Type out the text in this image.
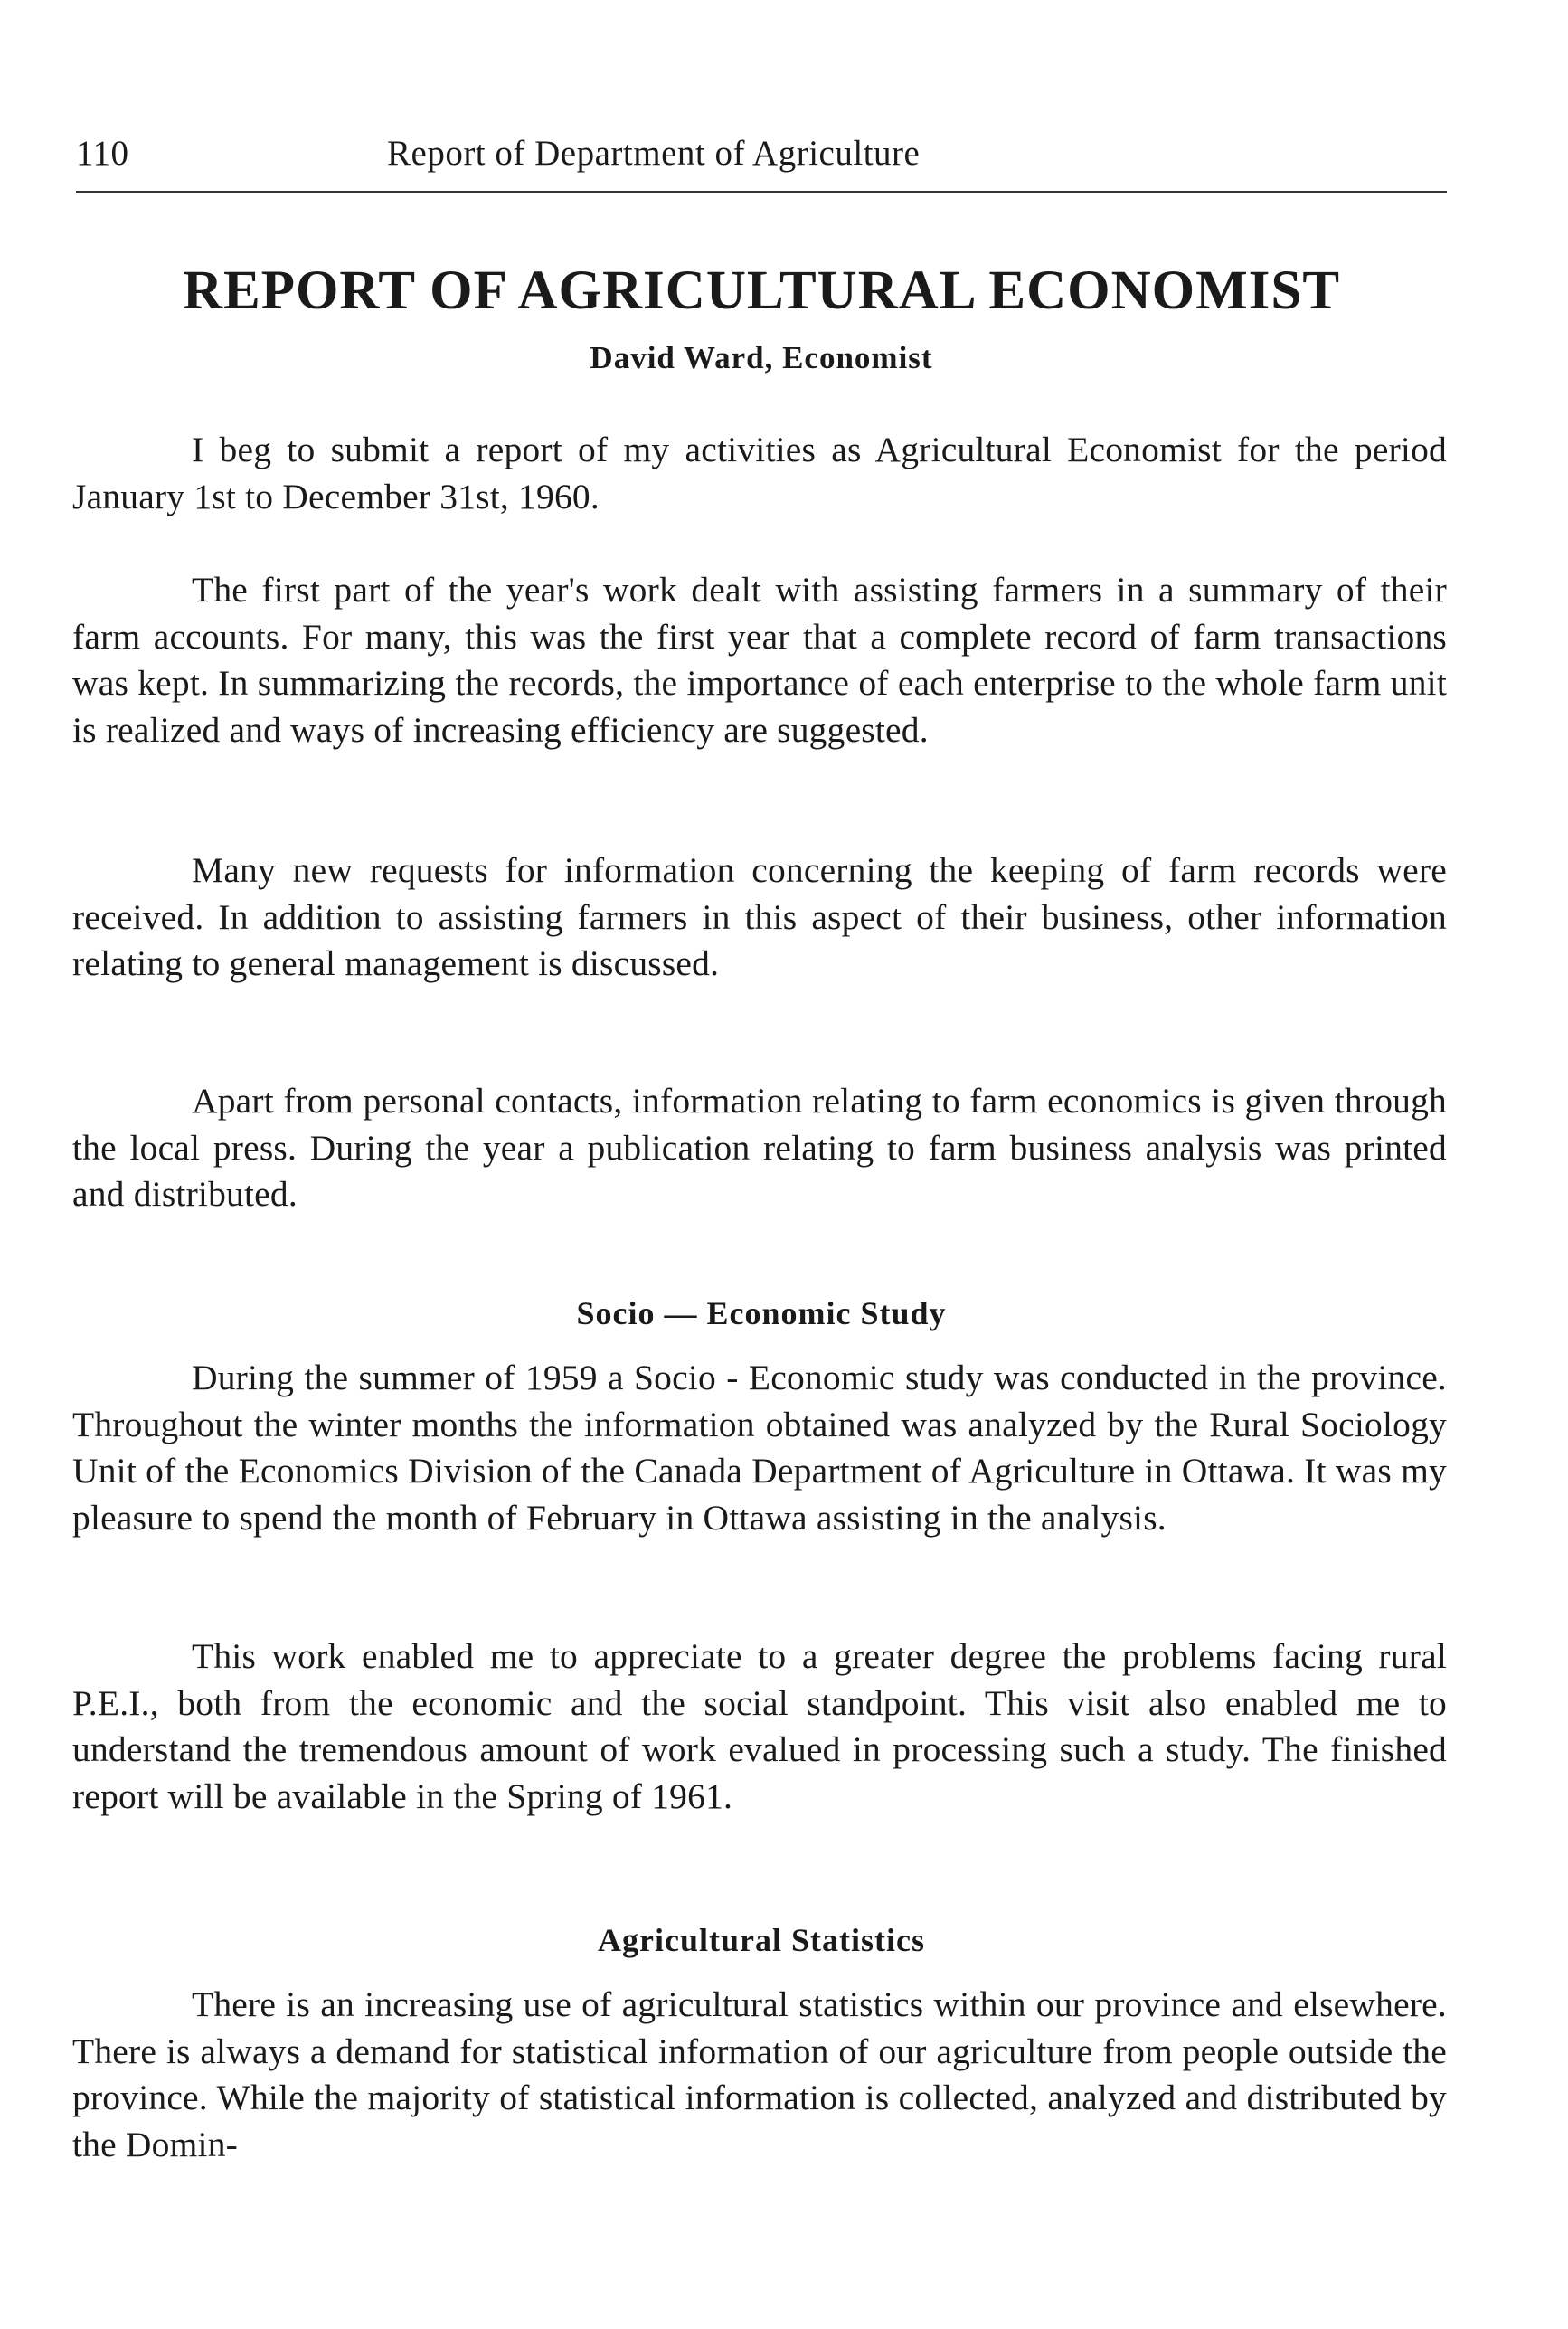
110	Report of Department of Agriculture
REPORT OF AGRICULTURAL ECONOMIST
David Ward, Economist

I beg to submit a report of my activities as Agricultural Economist for the period January 1st to December 31st, 1960.

The first part of the year's work dealt with assisting farmers in a summary of their farm accounts. For many, this was the first year that a complete record of farm transactions was kept. In summarizing the records, the importance of each enterprise to the whole farm unit is realized and ways of increasing efficiency are suggested.

Many new requests for information concerning the keeping of farm records were received. In addition to assisting farmers in this aspect of their business, other information relating to general management is discussed.

Apart from personal contacts, information relating to farm economics is given through the local press. During the year a publication relating to farm business analysis was printed and distributed.

Socio — Economic Study

During the summer of 1959 a Socio - Economic study was conducted in the province. Throughout the winter months the information obtained was analyzed by the Rural Sociology Unit of the Economics Division of the Canada Department of Agriculture in Ottawa. It was my pleasure to spend the month of February in Ottawa assisting in the analysis.

This work enabled me to appreciate to a greater degree the problems facing rural P.E.I., both from the economic and the social standpoint. This visit also enabled me to understand the tremendous amount of work evalued in processing such a study. The finished report will be available in the Spring of 1961.

Agricultural Statistics

There is an increasing use of agricultural statistics within our province and elsewhere. There is always a demand for statistical information of our agriculture from people outside the province. While the majority of statistical information is collected, analyzed and distributed by the Domin-
